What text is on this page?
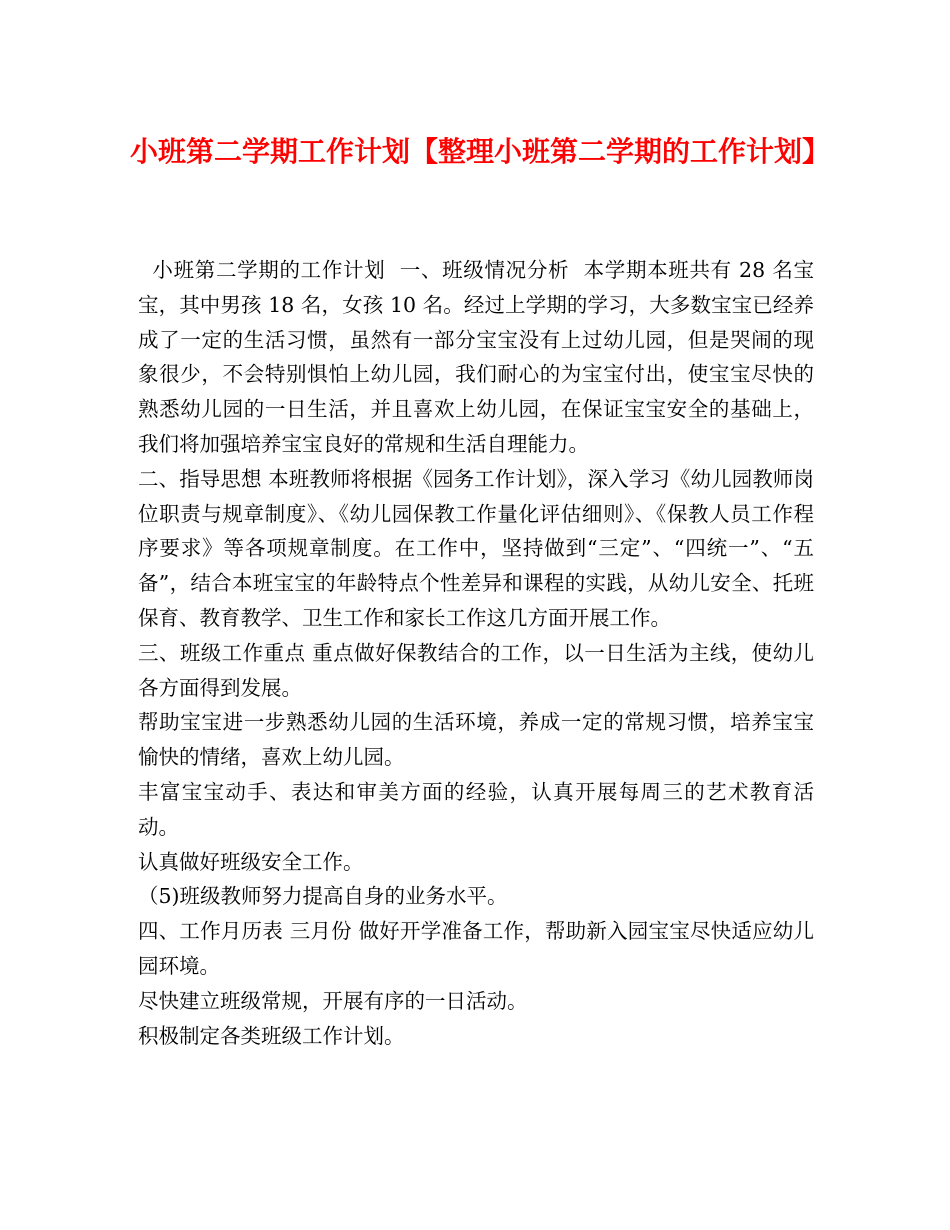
小班第二学期工作计划【整理小班第二学期的工作计划】

小班第二学期的工作计划  一、班级情况分析  本学期本班共有 28 名宝宝，其中男孩 18 名，女孩 10 名。经过上学期的学习，大多数宝宝已经养成了一定的生活习惯，虽然有一部分宝宝没有上过幼儿园，但是哭闹的现象很少，不会特别惧怕上幼儿园，我们耐心的为宝宝付出，使宝宝尽快的熟悉幼儿园的一日生活，并且喜欢上幼儿园，在保证宝宝安全的基础上，我们将加强培养宝宝良好的常规和生活自理能力。

二、指导思想 本班教师将根据《园务工作计划》，深入学习《幼儿园教师岗位职责与规章制度》、《幼儿园保教工作量化评估细则》、《保教人员工作程序要求》等各项规章制度。在工作中，坚持做到“三定”、“四统一”、“五备”，结合本班宝宝的年龄特点个性差异和课程的实践，从幼儿安全、托班保育、教育教学、卫生工作和家长工作这几方面开展工作。

三、班级工作重点 重点做好保教结合的工作，以一日生活为主线，使幼儿各方面得到发展。

帮助宝宝进一步熟悉幼儿园的生活环境，养成一定的常规习惯，培养宝宝愉快的情绪，喜欢上幼儿园。

丰富宝宝动手、表达和审美方面的经验，认真开展每周三的艺术教育活动。

认真做好班级安全工作。

（5)班级教师努力提高自身的业务水平。

四、工作月历表 三月份 做好开学准备工作，帮助新入园宝宝尽快适应幼儿园环境。

尽快建立班级常规，开展有序的一日活动。

积极制定各类班级工作计划。
